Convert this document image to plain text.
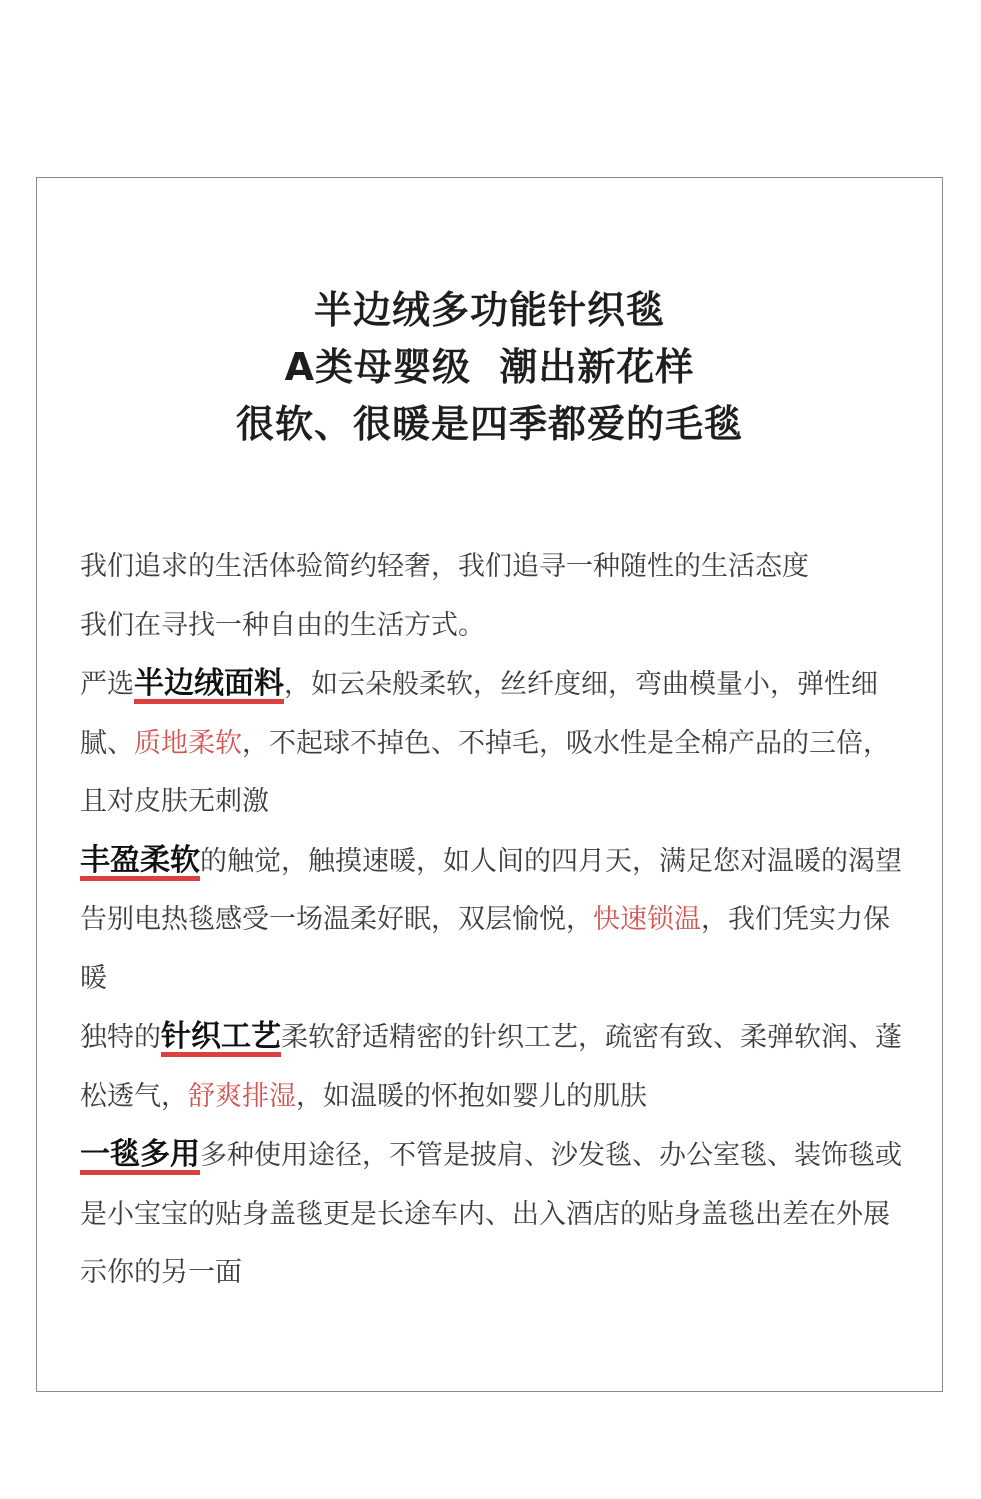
半边绒多功能针织毯
A类母婴级  潮出新花样
很软、很暖是四季都爱的毛毯

我们追求的生活体验简约轻奢，我们追寻一种随性的生活态度

我们在寻找一种自由的生活方式。

严选半边绒面料，如云朵般柔软，丝纤度细，弯曲模量小，弹性细腻、质地柔软，不起球不掉色、不掉毛，吸水性是全棉产品的三倍，且对皮肤无刺激

丰盈柔软的触觉，触摸速暖，如人间的四月天，满足您对温暖的渴望告别电热毯感受一场温柔好眠，双层愉悦，快速锁温，我们凭实力保暖

独特的针织工艺柔软舒适精密的针织工艺，疏密有致、柔弹软润、蓬松透气，舒爽排湿，如温暖的怀抱如婴儿的肌肤

一毯多用多种使用途径，不管是披肩、沙发毯、办公室毯、装饰毯或是小宝宝的贴身盖毯更是长途车内、出入酒店的贴身盖毯出差在外展示你的另一面
